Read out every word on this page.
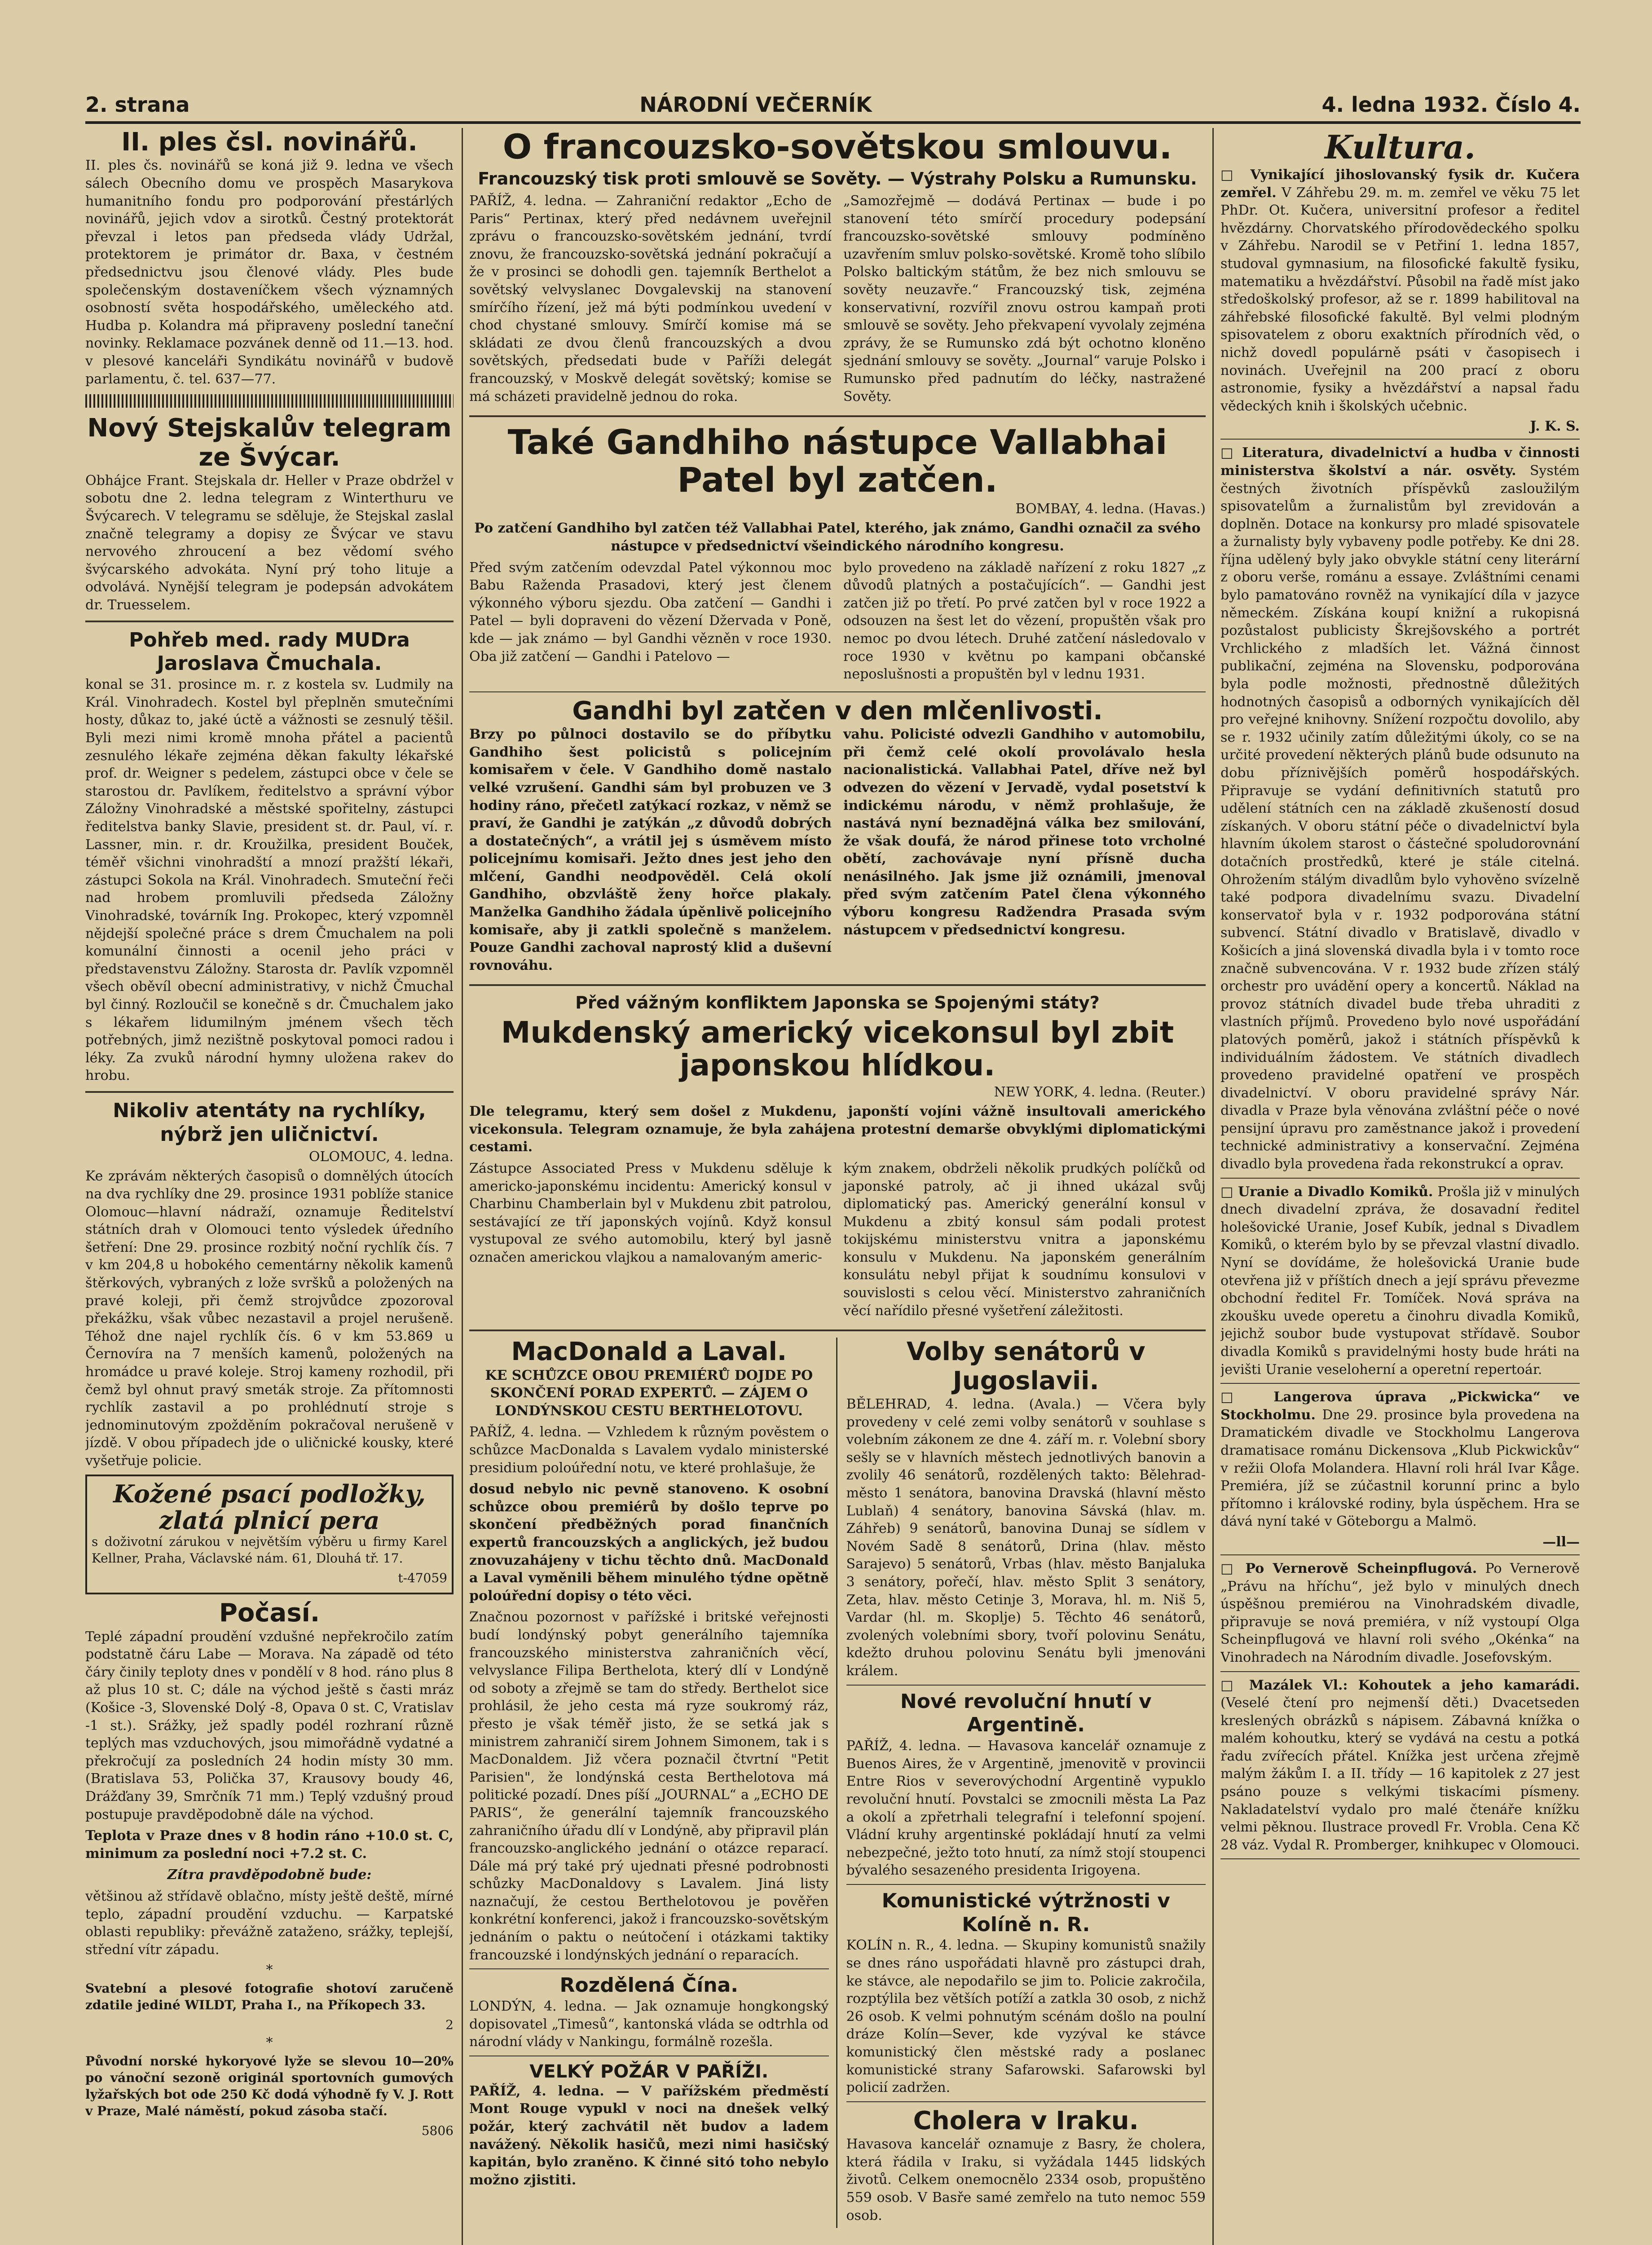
2. strana	NÁRODNÍ VEČERNÍK	4. ledna 1932. Číslo 4.
II. ples čsl. novinářů.

II. ples čs. novinářů se koná již 9. ledna ve všech sálech Obecního domu ve prospěch Masarykova humanitního fondu pro podporování přestárlých novinářů, jejich vdov a sirotků. Čestný protektorát převzal i letos pan předseda vlády Udržal, protektorem je primátor dr. Baxa, v čestném předsednictvu jsou členové vlády. Ples bude společenským dostaveníčkem všech významných osobností světa hospodářského, uměleckého atd. Hudba p. Kolandra má připraveny poslední taneční novinky. Reklamace pozvánek denně od 11.—13. hod. v plesové kanceláři Syndikátu novinářů v budově parlamentu, č. tel. 637—77.

Nový Stejskalův telegram ze Švýcar.

Obhájce Frant. Stejskala dr. Heller v Praze obdržel v sobotu dne 2. ledna telegram z Winterthuru ve Švýcarech. V telegramu se sděluje, že Stejskal zaslal značně telegramy a dopisy ze Švýcar ve stavu nervového zhroucení a bez vědomí svého švýcarského advokáta. Nyní prý toho lituje a odvolává. Nynější telegram je podepsán advokátem dr. Truesselem.

Pohřeb med. rady MUDra Jaroslava Čmuchala.

konal se 31. prosince m. r. z kostela sv. Ludmily na Král. Vinohradech. Kostel byl přeplněn smutečními hosty, důkaz to, jaké úctě a vážnosti se zesnulý těšil. Byli mezi nimi kromě mnoha přátel a pacientů zesnulého lékaře zejména děkan fakulty lékařské prof. dr. Weigner s pedelem, zástupci obce v čele se starostou dr. Pavlíkem, ředitelstvo a správní výbor Záložny Vinohradské a městské spořitelny, zástupci ředitelstva banky Slavie, president st. dr. Paul, ví. r. Lassner, min. r. dr. Kroužilka, president Bouček, téměř všichni vinohradští a mnozí pražští lékaři, zástupci Sokola na Král. Vinohradech. Smuteční řeči nad hrobem promluvili předseda Záložny Vinohradské, továrník Ing. Prokopec, který vzpomněl nějdejší společné práce s drem Čmuchalem na poli komunální činnosti a ocenil jeho práci v představenstvu Záložny. Starosta dr. Pavlík vzpomněl všech oběvíl obecní administrativy, v nichž Čmuchal byl činný. Rozloučil se konečně s dr. Čmuchalem jako s lékařem lidumilným jménem všech těch potřebných, jimž nezištně poskytoval pomoci radou i léky. Za zvuků národní hymny uložena rakev do hrobu.

Nikoliv atentáty na rychlíky, nýbrž jen uličnictví.
OLOMOUC, 4. ledna.

Ke zprávám některých časopisů o domnělých útocích na dva rychlíky dne 29. prosince 1931 poblíže stanice Olomouc—hlavní nádraží, oznamuje Ředitelství státních drah v Olomouci tento výsledek úředního šetření: Dne 29. prosince rozbitý noční rychlík čís. 7 v km 204,8 u hobokého cementárny několik kamenů štěrkových, vybraných z lože svršků a položených na pravé koleji, při čemž strojvůdce zpozoroval překážku, však vůbec nezastavil a projel nerušeně. Téhož dne najel rychlík čís. 6 v km 53.869 u Černovíra na 7 menších kamenů, položených na hromádce u pravé koleje. Stroj kameny rozhodil, při čemž byl ohnut pravý smeták stroje. Za přítomnosti rychlík zastavil a po prohlédnutí stroje s jednominutovým zpožděním pokračoval nerušeně v jízdě. V obou případech jde o uličnické kousky, které vyšetřuje policie.

Kožené psací podložky, zlatá plnicí pera

s doživotní zárukou v největším výběru u firmy Karel Kellner, Praha, Václavské nám. 61, Dlouhá tř. 17.

t-47059
Počasí.

Teplé západní proudění vzdušné nepřekročilo zatím podstatně čáru Labe — Morava. Na západě od této čáry činily teploty dnes v pondělí v 8 hod. ráno plus 8 až plus 10 st. C; dále na východ ještě s časti mráz (Košice -3, Slovenské Dolý -8, Opava 0 st. C, Vratislav -1 st.). Srážky, jež spadly podél rozhraní různě teplých mas vzduchových, jsou mimořádně vydatné a překročují za posledních 24 hodin místy 30 mm. (Bratislava 53, Polička 37, Krausovy boudy 46, Drážďany 39, Smrčník 71 mm.) Teplý vzdušný proud postupuje pravděpodobně dále na východ.

Teplota v Praze dnes v 8 hodin ráno +10.0 st. C, minimum za poslední noci +7.2 st. C.

Zítra pravděpodobně bude:

většinou až střídavě oblačno, místy ještě deště, mírné teplo, západní proudění vzduchu. — Karpatské oblasti republiky: převážně zataženo, srážky, teplejší, střední vítr západu.

*

Svatební a plesové fotografie shotoví zaručeně zdatile jediné WILDT, Praha I., na Příkopech 33.

2
*

Původní norské hykoryové lyže se slevou 10—20% po vánoční sezoně originál sportovních gumových lyžařských bot ode 250 Kč dodá výhodně fy V. J. Rott v Praze, Malé náměstí, pokud zásoba stačí.

5806
O francouzsko-sovětskou smlouvu.
Francouzský tisk proti smlouvě se Sověty. — Výstrahy Polsku a Rumunsku.

PAŘÍŽ, 4. ledna. — Zahraniční redaktor „Echo de Paris“ Pertinax, který před nedávnem uveřejnil zprávu o francouzsko-sovětském jednání, tvrdí znovu, že francouzsko-sovětská jednání pokračují a že v prosinci se dohodli gen. tajemník Berthelot a sovětský velvyslanec Dovgalevskij na stanovení smírčího řízení, jež má býti podmínkou uvedení v chod chystané smlouvy. Smírčí komise má se skládati ze dvou členů francouzských a dvou sovětských, předsedati bude v Paříži delegát francouzský, v Moskvě delegát sovětský; komise se má scházeti pravidelně jednou do roka.

„Samozřejmě — dodává Pertinax — bude i po stanovení této smírčí procedury podepsání francouzsko-sovětské smlouvy podmíněno uzavřením smluv polsko-sovětské. Kromě toho slíbilo Polsko baltickým státům, že bez nich smlouvu se sověty neuzavře.“ Francouzský tisk, zejména konservativní, rozvířil znovu ostrou kampaň proti smlouvě se sověty. Jeho překvapení vyvolaly zejména zprávy, že se Rumunsko zdá být ochotno kloněno sjednání smlouvy se sověty. „Journal“ varuje Polsko i Rumunsko před padnutím do léčky, nastražené Sověty.

Také Gandhiho nástupce Vallabhai Patel byl zatčen.
BOMBAY, 4. ledna. (Havas.)

Po zatčení Gandhiho byl zatčen též Vallabhai Patel, kterého, jak známo, Gandhi označil za svého nástupce v předsednictví všeindického národního kongresu.

Před svým zatčením odevzdal Patel výkonnou moc Babu Raženda Prasadovi, který jest členem výkonného výboru sjezdu. Oba zatčení — Gandhi i Patel — byli dopraveni do vězení Džervada v Poně, kde — jak známo — byl Gandhi vězněn v roce 1930. Oba již zatčení — Gandhi i Patelovo —

bylo provedeno na základě nařízení z roku 1827 „z důvodů platných a postačujících“. — Gandhi jest zatčen již po třetí. Po prvé zatčen byl v roce 1922 a odsouzen na šest let do vězení, propuštěn však pro nemoc po dvou létech. Druhé zatčení následovalo v roce 1930 v květnu po kampani občanské neposlušnosti a propuštěn byl v lednu 1931.

Gandhi byl zatčen v den mlčenlivosti.

Brzy po půlnoci dostavilo se do příbytku Gandhiho šest policistů s policejním komisařem v čele. V Gandhiho domě nastalo velké vzrušení. Gandhi sám byl probuzen ve 3 hodiny ráno, přečetl zatýkací rozkaz, v němž se praví, že Gandhi je zatýkán „z důvodů dobrých a dostatečných“, a vrátil jej s úsměvem místo policejnímu komisaři. Ježto dnes jest jeho den mlčení, Gandhi neodpověděl. Celá okolí Gandhiho, obzvláště ženy hořce plakaly. Manželka Gandhiho žádala úpěnlivě policejního komisaře, aby ji zatkli společně s manželem. Pouze Gandhi zachoval naprostý klid a duševní rovnováhu.

vahu. Policisté odvezli Gandhiho v automobilu, při čemž celé okolí provolávalo hesla nacionalistická. Vallabhai Patel, dříve než byl odvezen do vězení v Jervadě, vydal posetství k indickému národu, v němž prohlašuje, že nastává nyní beznadějná válka bez smilování, že však doufá, že národ přinese toto vrcholné obětí, zachovávaje nyní přísně ducha nenásilného. Jak jsme již oznámili, jmenoval před svým zatčením Patel člena výkonného výboru kongresu Radžendra Prasada svým nástupcem v předsednictví kongresu.

Před vážným konfliktem Japonska se Spojenými státy?
Mukdenský americký vicekonsul byl zbit japonskou hlídkou.
NEW YORK, 4. ledna. (Reuter.)

Dle telegramu, který sem došel z Mukdenu, japonští vojíni vážně insultovali amerického vicekonsula. Telegram oznamuje, že byla zahájena protestní demarše obvyklými diplomatickými cestami.

Zástupce Associated Press v Mukdenu sděluje k americko-japonskému incidentu: Americký konsul v Charbinu Chamberlain byl v Mukdenu zbit patrolou, sestávající ze tří japonských vojínů. Když konsul vystupoval ze svého automobilu, který byl jasně označen americkou vlajkou a namalovaným americ-

kým znakem, obdrželi několik prudkých políčků od japonské patroly, ač ji ihned ukázal svůj diplomatický pas. Americký generální konsul v Mukdenu a zbitý konsul sám podali protest tokijskému ministerstvu vnitra a japonskému konsulu v Mukdenu. Na japonském generálním konsulátu nebyl přijat k soudnímu konsulovi v souvislosti s celou věcí. Ministerstvo zahraničních věcí nařídilo přesné vyšetření záležitosti.

MacDonald a Laval.

KE SCHŮZCE OBOU PREMIÉRŮ DOJDE PO SKONČENÍ PORAD EXPERTŮ. — ZÁJEM O LONDÝNSKOU CESTU BERTHELOTOVU.

PAŘÍŽ, 4. ledna. — Vzhledem k různým pověstem o schůzce MacDonalda s Lavalem vydalo ministerské presidium poloúřední notu, ve které prohlašuje, že

dosud nebylo nic pevně stanoveno. K osobní schůzce obou premiérů by došlo teprve po skončení předběžných porad finančních expertů francouzských a anglických, jež budou znovuzahájeny v tichu těchto dnů. MacDonald a Laval vyměnili během minulého týdne opětně poloúřední dopisy o této věci.

Značnou pozornost v pařížské i britské veřejnosti budí londýnský pobyt generálního tajemníka francouzského ministerstva zahraničních věcí, velvyslance Filipa Berthelota, který dlí v Londýně od soboty a zřejmě se tam do středy. Berthelot sice prohlásil, že jeho cesta má ryze soukromý ráz, přesto je však téměř jisto, že se setká jak s ministrem zahraničí sirem Johnem Simonem, tak i s MacDonaldem. Již včera poznačil čtvrtní "Petit Parisien", že londýnská cesta Berthelotova má politické pozadí. Dnes píší „JOURNAL“ a „ECHO DE PARIS“, že generální tajemník francouzského zahraničního úřadu dlí v Londýně, aby připravil plán francouzsko-anglického jednání o otázce reparací. Dále má prý také prý ujednati přesné podrobnosti schůzky MacDonaldovy s Lavalem. Jiná listy naznačují, že cestou Berthelotovou je pověřen konkrétní konferenci, jakož i francouzsko-sovětským jednáním o paktu o neútočení i otázkami taktiky francouzské i londýnských jednání o reparacích.

Rozdělená Čína.

LONDÝN, 4. ledna. — Jak oznamuje hongkongský dopisovatel „Timesů“, kantonská vláda se odtrhla od národní vlády v Nankingu, formálně rozešla.

VELKÝ POŽÁR V PAŘÍŽI.

PAŘÍŽ, 4. ledna. — V pařížském předměstí Mont Rouge vypukl v noci na dnešek velký požár, který zachvátil nět budov a ladem navážený. Několik hasičů, mezi nimi hasičský kapitán, bylo zraněno. K činné sitó toho nebylo možno zjistiti.

Volby senátorů v Jugoslavii.

BĚLEHRAD, 4. ledna. (Avala.) — Včera byly provedeny v celé zemi volby senátorů v souhlase s volebním zákonem ze dne 4. září m. r. Volební sbory sešly se v hlavních městech jednotlivých banovin a zvolily 46 senátorů, rozdělených takto: Bělehrad-město 1 senátora, banovina Dravská (hlavní město Lublaň) 4 senátory, banovina Sávská (hlav. m. Záhřeb) 9 senátorů, banovina Dunaj se sídlem v Novém Sadě 8 senátorů, Drina (hlav. město Sarajevo) 5 senátorů, Vrbas (hlav. město Banjaluka 3 senátory, pořečí, hlav. město Split 3 senátory, Zeta, hlav. město Cetinje 3, Morava, hl. m. Niš 5, Vardar (hl. m. Skoplje) 5. Těchto 46 senátorů, zvolených volebními sbory, tvoří polovinu Senátu, kdežto druhou polovinu Senátu byli jmenováni králem.

Nové revoluční hnutí v Argentině.

PAŘÍŽ, 4. ledna. — Havasova kancelář oznamuje z Buenos Aires, že v Argentině, jmenovitě v provincii Entre Rios v severovýchodní Argentině vypuklo revoluční hnutí. Povstalci se zmocnili města La Paz a okolí a zpřetrhali telegrafní i telefonní spojení. Vládní kruhy argentinské pokládají hnutí za velmi nebezpečné, ježto toto hnutí, za nímž stojí stoupenci bývalého sesazeného presidenta Irigoyena.

Komunistické výtržnosti v Kolíně n. R.

KOLÍN n. R., 4. ledna. — Skupiny komunistů snažily se dnes ráno uspořádati hlavně pro zástupci drah, ke stávce, ale nepodařilo se jim to. Policie zakročila, rozptýlila bez větších potíží a zatkla 30 osob, z nichž 26 osob. K velmi pohnutým scénám došlo na poulní dráze Kolín—Sever, kde vyzýval ke stávce komunistický člen městské rady a poslanec komunistické strany Safarowski. Safarowski byl policií zadržen.

Cholera v Iraku.

Havasova kancelář oznamuje z Basry, že cholera, která řádila v Iraku, si vyžádala 1445 lidských životů. Celkem onemocnělo 2334 osob, propuštěno 559 osob. V Basře samé zemřelo na tuto nemoc 559 osob.

Kultura.

□ Vynikající jihoslovanský fysik dr. Kučera zemřel. V Záhřebu 29. m. m. zemřel ve věku 75 let PhDr. Ot. Kučera, universitní profesor a ředitel hvězdárny. Chorvatského přírodovědeckého spolku v Záhřebu. Narodil se v Petřiní 1. ledna 1857, studoval gymnasium, na filosofické fakultě fysiku, matematiku a hvězdářství. Působil na řadě míst jako středoškolský profesor, až se r. 1899 habilitoval na záhřebské filosofické fakultě. Byl velmi plodným spisovatelem z oboru exaktních přírodních věd, o nichž dovedl populárně psáti v časopisech i novinách. Uveřejnil na 200 prací z oboru astronomie, fysiky a hvězdářství a napsal řadu vědeckých knih i školských učebnic.

J. K. S.

□ Literatura, divadelnictví a hudba v činnosti ministerstva školství a nár. osvěty. Systém čestných životních příspěvků zasloužilým spisovatelům a žurnalistům byl zrevidován a doplněn. Dotace na konkursy pro mladé spisovatele a žurnalisty byly vybaveny podle potřeby. Ke dni 28. října udělený byly jako obvykle státní ceny literární z oboru verše, románu a essaye. Zvláštními cenami bylo pamatováno rovněž na vynikající díla v jazyce německém. Získána koupí knižní a rukopisná pozůstalost publicisty Škrejšovského a portrét Vrchlického z mladších let. Vážná činnost publikační, zejména na Slovensku, podporována byla podle možnosti, přednostně důležitých hodnotných časopisů a odborných vynikajících děl pro veřejné knihovny. Snížení rozpočtu dovolilo, aby se r. 1932 učinily zatím důležitými úkoly, co se na určité provedení některých plánů bude odsunuto na dobu příznivějších poměrů hospodářských. Připravuje se vydání definitivních statutů pro udělení státních cen na základě zkušeností dosud získaných. V oboru státní péče o divadelnictví byla hlavním úkolem starost o částečné spoludorovnání dotačních prostředků, které je stále citelná. Ohrožením stálým divadlům bylo vyhověno svízelně také podpora divadelnímu svazu. Divadelní konservatoř byla v r. 1932 podporována státní subvencí. Státní divadlo v Bratislavě, divadlo v Košicích a jiná slovenská divadla byla i v tomto roce značně subvencována. V r. 1932 bude zřízen stálý orchestr pro uvádění opery a koncertů. Náklad na provoz státních divadel bude třeba uhraditi z vlastních příjmů. Provedeno bylo nové uspořádání platových poměrů, jakož i státních příspěvků k individuálním žádostem. Ve státních divadlech provedeno pravidelné opatření ve prospěch divadelnictví. V oboru pravidelné správy Nár. divadla v Praze byla věnována zvláštní péče o nové pensijní úpravu pro zaměstnance jakož i provedení technické administrativy a konservační. Zejména divadlo byla provedena řada rekonstrukcí a oprav.

□ Uranie a Divadlo Komiků. Prošla již v minulých dnech divadelní zpráva, že dosavadní ředitel holešovické Uranie, Josef Kubík, jednal s Divadlem Komiků, o kterém bylo by se převzal vlastní divadlo. Nyní se dovídáme, že holešovická Uranie bude otevřena již v příštích dnech a její správu převezme obchodní ředitel Fr. Tomíček. Nová správa na zkoušku uvede operetu a činohru divadla Komiků, jejichž soubor bude vystupovat střídavě. Soubor divadla Komiků s pravidelnými hosty bude hráti na jevišti Uranie veseloherní a operetní repertoár.

□ Langerova úprava „Pickwicka“ ve Stockholmu. Dne 29. prosince byla provedena na Dramatickém divadle ve Stockholmu Langerova dramatisace románu Dickensova „Klub Pickwickův“ v režii Olofa Molandera. Hlavní roli hrál Ivar Kåge. Premiéra, jíž se zúčastnil korunní princ a bylo přítomno i královské rodiny, byla úspěchem. Hra se dává nyní také v Göteborgu a Malmö.

—ll—

□ Po Vernerově Scheinpflugová. Po Vernerově „Právu na hříchu“, jež bylo v minulých dnech úspěšnou premiérou na Vinohradském divadle, připravuje se nová premiéra, v níž vystoupí Olga Scheinpflugová ve hlavní roli svého „Okénka“ na Vinohradech na Národním divadle. Josefovským.

□ Mazálek Vl.: Kohoutek a jeho kamarádi. (Veselé čtení pro nejmenší děti.) Dvacetseden kreslených obrázků s nápisem. Zábavná knížka o malém kohoutku, který se vydává na cestu a potká řadu zvířecích přátel. Knížka jest určena zřejmě malým žákům I. a II. třídy — 16 kapitolek z 27 jest psáno pouze s velkými tiskacími písmeny. Nakladatelství vydalo pro malé čtenáře knížku velmi pěknou. Ilustrace provedl Fr. Vrobla. Cena Kč 28 váz. Vydal R. Promberger, knihkupec v Olomouci.
